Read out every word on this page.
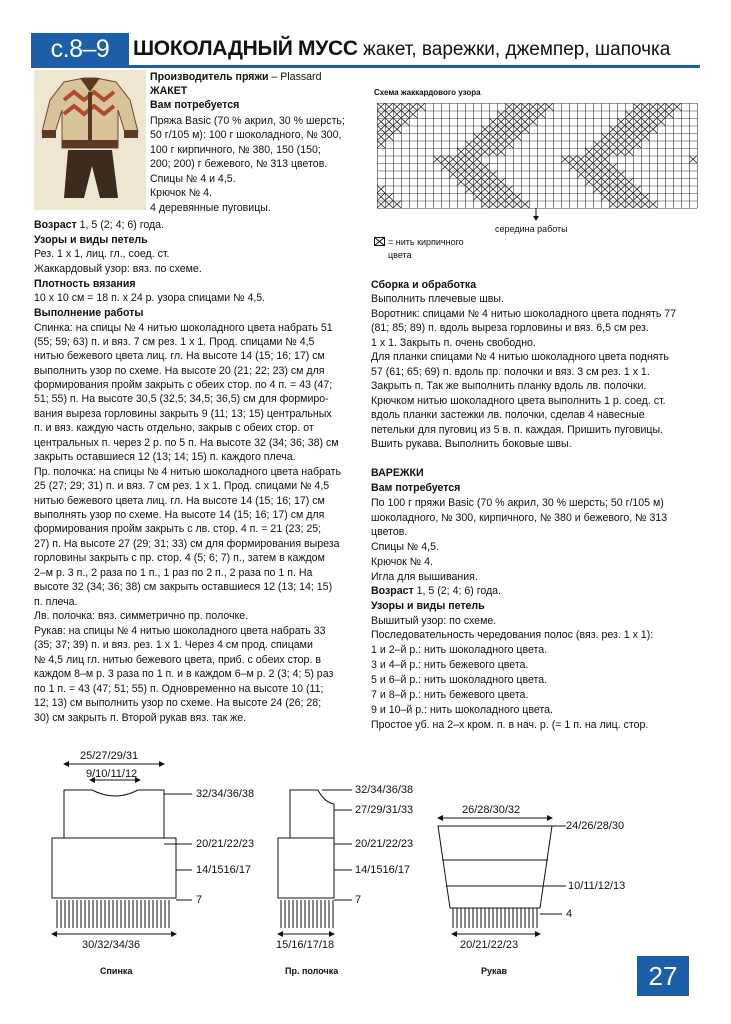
с.8–9	ШОКОЛАДНЫЙ МУСС жакет, варежки, джемпер, шапочка
Производитель пряжи – Plassard
ЖАКЕТ
Вам потребуется
Пряжа Basic (70 % акрил, 30 % шерсть;
50 г/105 м): 100 г шоколадного, № 300,
100 г кирпичного, № 380, 150 (150;
200; 200) г бежевого, № 313 цветов.
Спицы № 4 и 4,5.
Крючок № 4.
4 деревянные пуговицы.
Возраст 1, 5 (2; 4; 6) года.
Узоры и виды петель
Рез. 1 х 1, лиц. гл., соед. ст.
Жаккардовый узор: вяз. по схеме.
Плотность вязания
10 х 10 см = 18 п. х 24 р. узора спицами № 4,5.
Выполнение работы
Спинка: на спицы № 4 нитью шоколадного цвета набрать 51
(55; 59; 63) п. и вяз. 7 см рез. 1 х 1. Прод. спицами № 4,5
нитью бежевого цвета лиц. гл. На высоте 14 (15; 16; 17) см
выполнить узор по схеме. На высоте 20 (21; 22; 23) см для
формирования пройм закрыть с обеих стор. по 4 п. = 43 (47;
51; 55) п. На высоте 30,5 (32,5; 34,5; 36,5) см для формиро-
вания выреза горловины закрыть 9 (11; 13; 15) центральных
п. и вяз. каждую часть отдельно, закрыв с обеих стор. от
центральных п. через 2 р. по 5 п. На высоте 32 (34; 36; 38) см
закрыть оставшиеся 12 (13; 14; 15) п. каждого плеча.
Пр. полочка: на спицы № 4 нитью шоколадного цвета набрать
25 (27; 29; 31) п. и вяз. 7 см рез. 1 х 1. Прод. спицами № 4,5
нитью бежевого цвета лиц. гл. На высоте 14 (15; 16; 17) см
выполнять узор по схеме. На высоте 14 (15; 16; 17) см для
формирования пройм закрыть с лв. стор. 4 п. = 21 (23; 25;
27) п. На высоте 27 (29; 31; 33) см для формирования выреза
горловины закрыть с пр. стор. 4 (5; 6; 7) п., затем в каждом
2–м р. 3 п., 2 раза по 1 п., 1 раз по 2 п., 2 раза по 1 п. На
высоте 32 (34; 36; 38) см закрыть оставшиеся 12 (13; 14; 15)
п. плеча.
Лв. полочка: вяз. симметрично пр. полочке.
Рукав: на спицы № 4 нитью шоколадного цвета набрать 33
(35; 37; 39) п. и вяз. рез. 1 х 1. Через 4 см прод. спицами
№ 4,5 лиц гл. нитью бежевого цвета, приб. с обеих стор. в
каждом 8–м р. 3 раза по 1 п. и в каждом 6–м р. 2 (3; 4; 5) раз
по 1 п. = 43 (47; 51; 55) п. Одновременно на высоте 10 (11;
12; 13) см выполнить узор по схеме. На высоте 24 (26; 28;
30) см закрыть п. Второй рукав вяз. так же.
Сборка и обработка
Выполнить плечевые швы.
Воротник: спицами № 4 нитью шоколадного цвета поднять 77
(81; 85; 89) п. вдоль выреза горловины и вяз. 6,5 см рез.
1 х 1. Закрыть п. очень свободно.
Для планки спицами № 4 нитью шоколадного цвета поднять
57 (61; 65; 69) п. вдоль пр. полочки и вяз. 3 см рез. 1 х 1.
Закрыть п. Так же выполнить планку вдоль лв. полочки.
Крючком нитью шоколадного цвета выполнить 1 р. соед. ст.
вдоль планки застежки лв. полочки, сделав 4 навесные
петельки для пуговиц из 5 в. п. каждая. Пришить пуговицы.
Вшить рукава. Выполнить боковые швы.
ВАРЕЖКИ
Вам потребуется
По 100 г пряжи Basic (70 % акрил, 30 % шерсть; 50 г/105 м)
шоколадного, № 300, кирпичного, № 380 и бежевого, № 313
цветов.
Спицы № 4,5.
Крючок № 4.
Игла для вышивания.
Возраст 1, 5 (2; 4; 6) года.
Узоры и виды петель
Вышитый узор: по схеме.
Последовательность чередования полос (вяз. рез. 1 х 1):
1 и 2–й р.: нить шоколадного цвета.
3 и 4–й р.: нить бежевого цвета.
5 и 6–й р.: нить шоколадного цвета.
7 и 8–й р.: нить бежевого цвета.
9 и 10–й р.: нить шоколадного цвета.
Простое уб. на 2–х кром. п. в нач. р. (= 1 п. на лиц. стор.
Схема жаккардового узора
середина работы
= нить кирпичного
цвета
25/27/29/31
9/10/11/12
32/34/36/38
20/21/22/23
14/1516/17
7
30/32/34/36
Спинка
32/34/36/38
27/29/31/33
20/21/22/23
14/1516/17
7
15/16/17/18
Пр. полочка
26/28/30/32
24/26/28/30
10/11/12/13
4
20/21/22/23
Рукав	27
